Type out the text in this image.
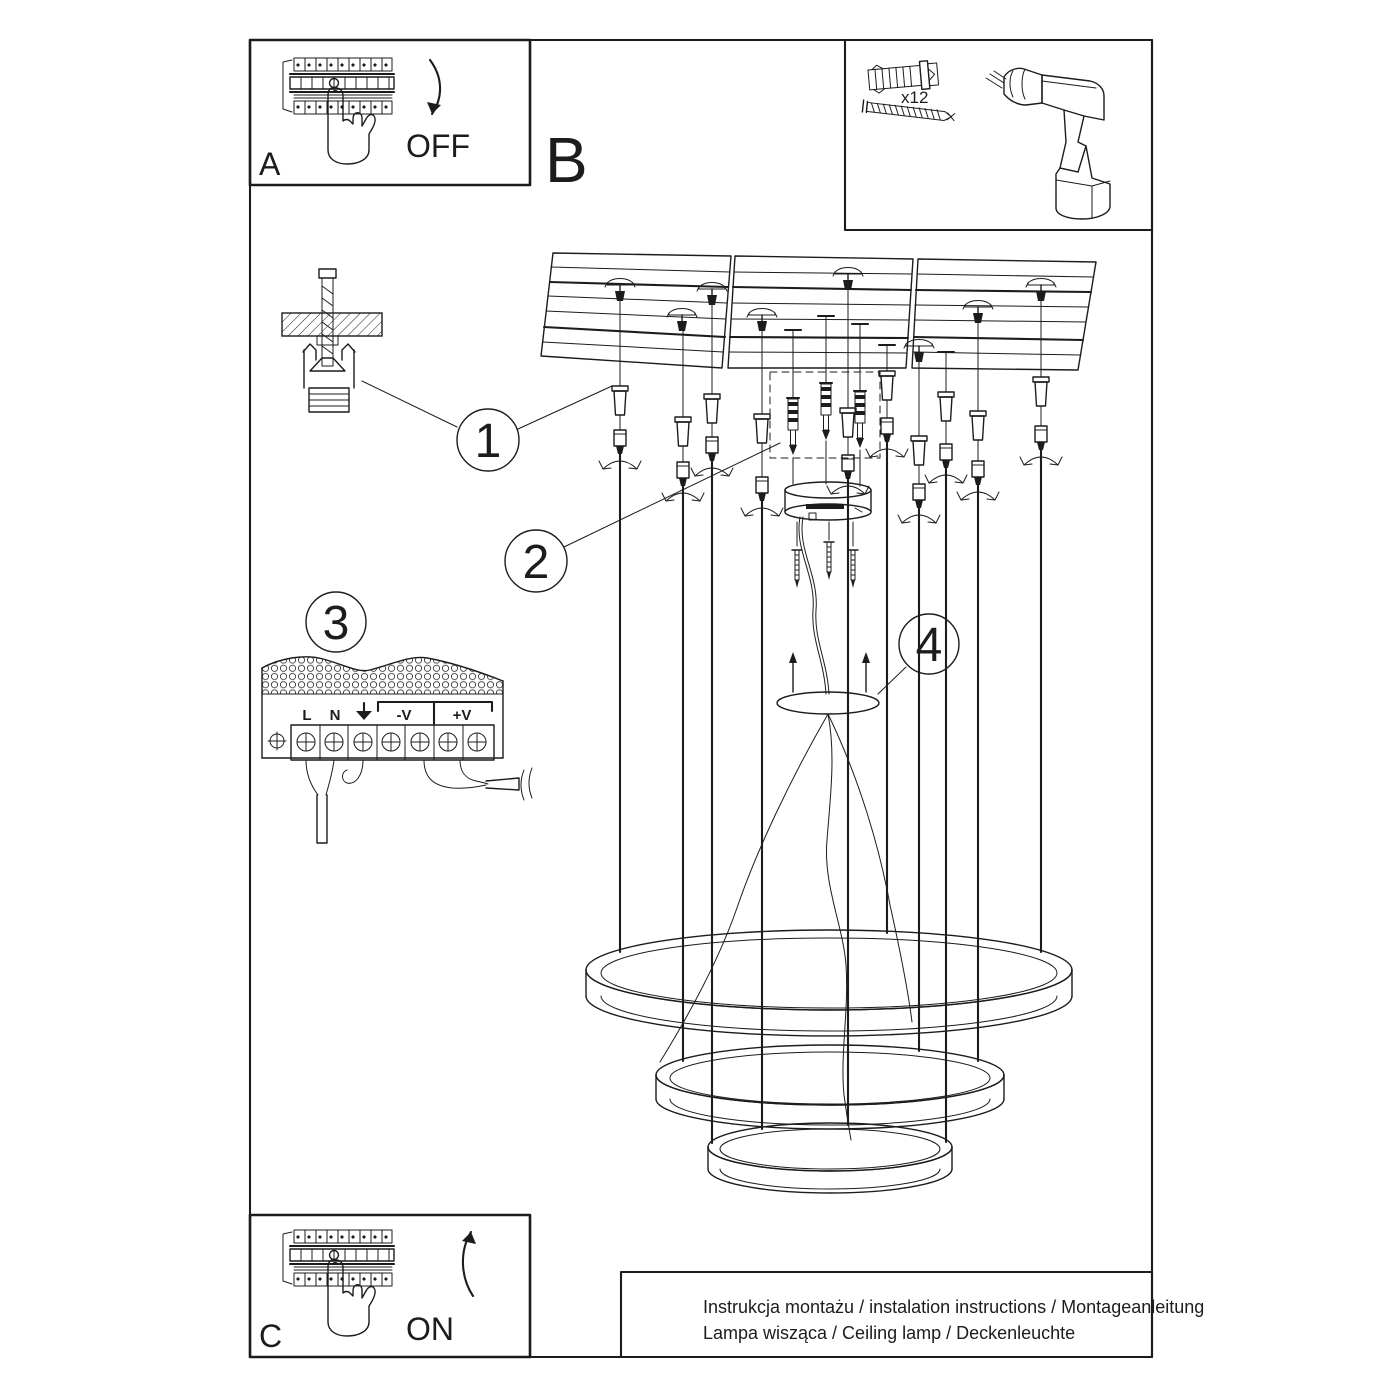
A	OFF B
x12
1
2
3	4
L N	-V	+V
C	ON
Instrukcja montażu / instalation instructions / Montageanleitung
Lampa wisząca / Ceiling lamp / Deckenleuchte
